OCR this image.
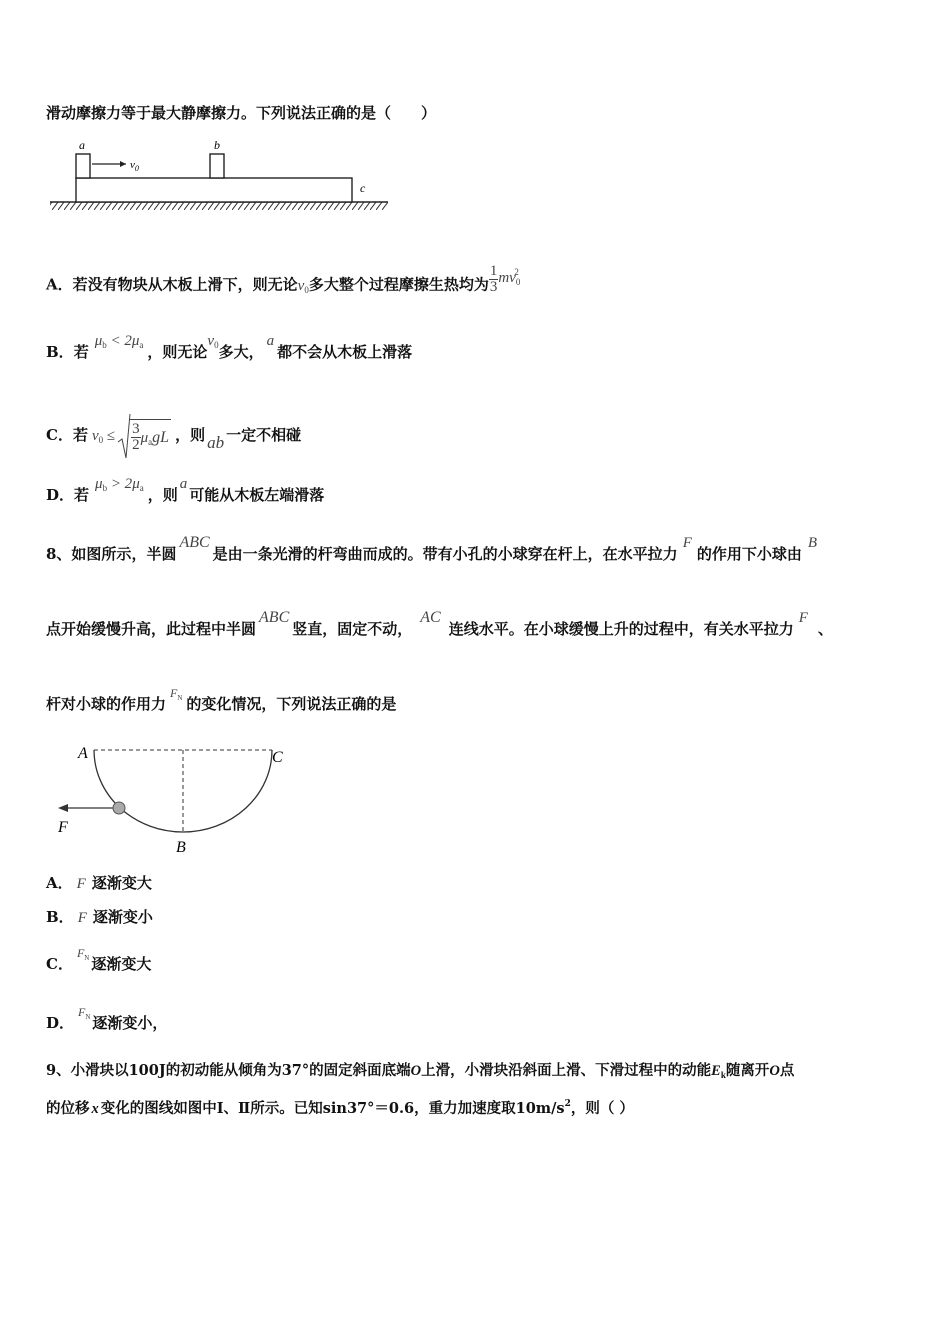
滑动摩擦力等于最大静摩擦力。下列说法正确的是（　　）
a	b
c
$v_0$
A．若没有物块从木板上滑下，则无论$v_0$多大整个过程摩擦生热均为 $\frac{1}{3} mv_0^2$
B．若$\mu_b < 2\mu_a$ ，则无论$v_0$多大，a都不会从木板上滑落
C．若 $v_0 \le \frac{3}{2} \mu_agL$ ，则 ab 一定不相碰
D．若$\mu_b > 2\mu_a$ ，则a可能从木板左端滑落
8、如图所示，半圆ABC是由一条光滑的杆弯曲而成的。带有小孔的小球穿在杆上，在水平拉力F的作用下小球由B
点开始缓慢升高，此过程中半圆ABC竖直，固定不动，AC连线水平。在小球缓慢上升的过程中，有关水平拉力F、
杆对小球的作用力$^{F_N}$ 的变化情况，下列说法正确的是
A	C
B
F
A． F 逐渐变大
B． F 逐渐变小
C．$^{F_N}$ 逐渐变大
D．$^{F_N}$ 逐渐变小，
9、小滑块以100J的初动能从倾角为37°的固定斜面底端O上滑，小滑块沿斜面上滑、下滑过程中的动能$E_k$随离开O点
的位移 x 变化的图线如图中Ⅰ、Ⅱ所示。已知sin37°＝0.6，重力加速度取$10m/s^2$，则（ ）
